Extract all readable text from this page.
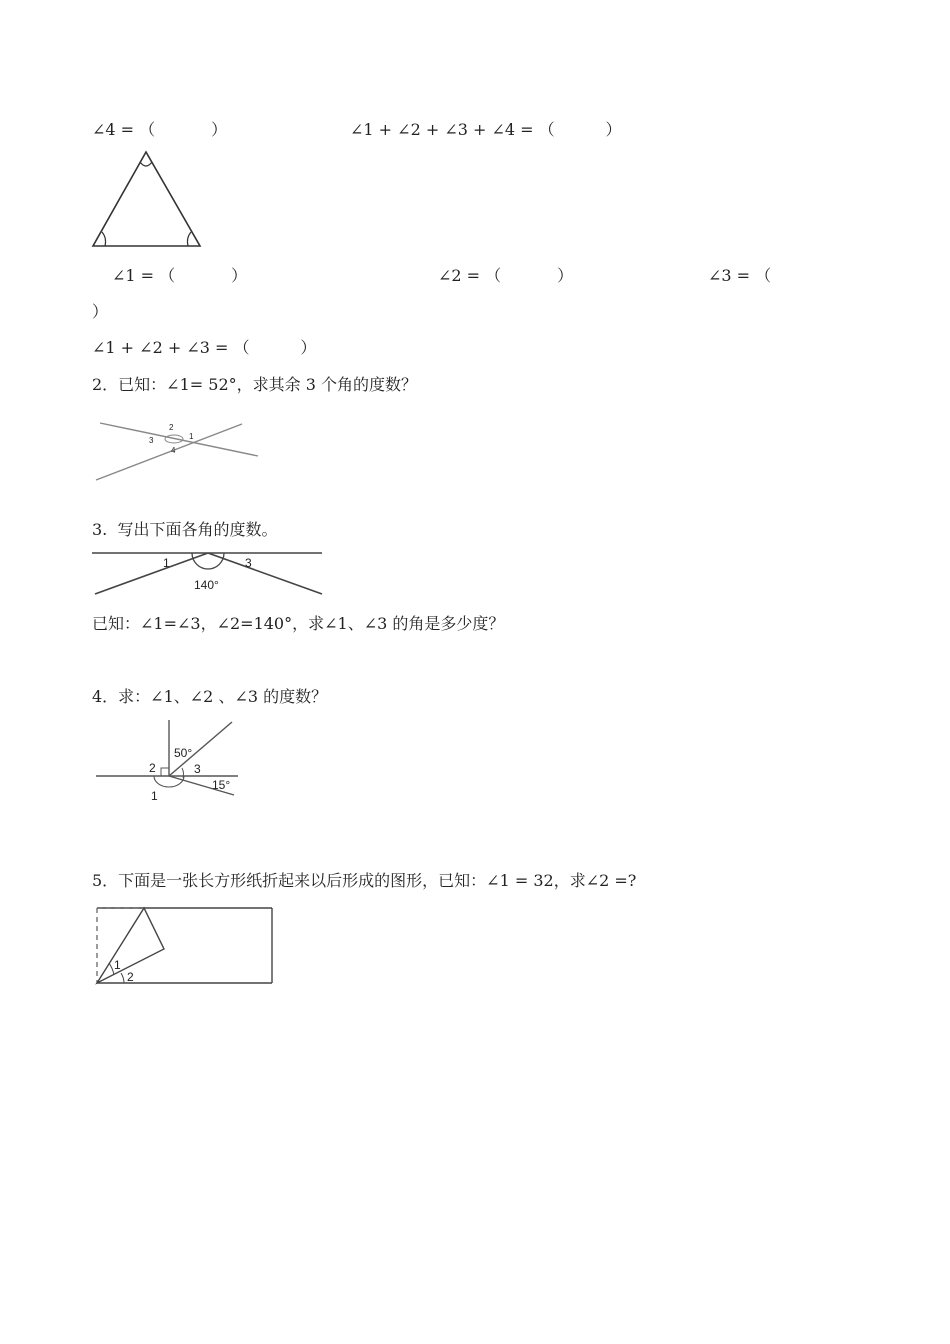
∠4 = （           ）	∠1 + ∠2 + ∠3 + ∠4 = （          ）
∠1 = （           ）	∠2 = （           ）	∠3 = （
）
∠1 + ∠2 + ∠3 = （          ）
2．已知：∠1= 52°，求其余 3 个角的度数？
1
2
3
4
3.  写出下面各角的度数。
1	3
140°
已知：∠1=∠3，∠2=140°，求∠1、∠3 的角是多少度？
4．求：∠1、∠2 、∠3 的度数？
50°
2	3
15°
1
5．下面是一张长方形纸折起来以后形成的图形，已知：∠1 = 32，求∠2 =?
1
2
